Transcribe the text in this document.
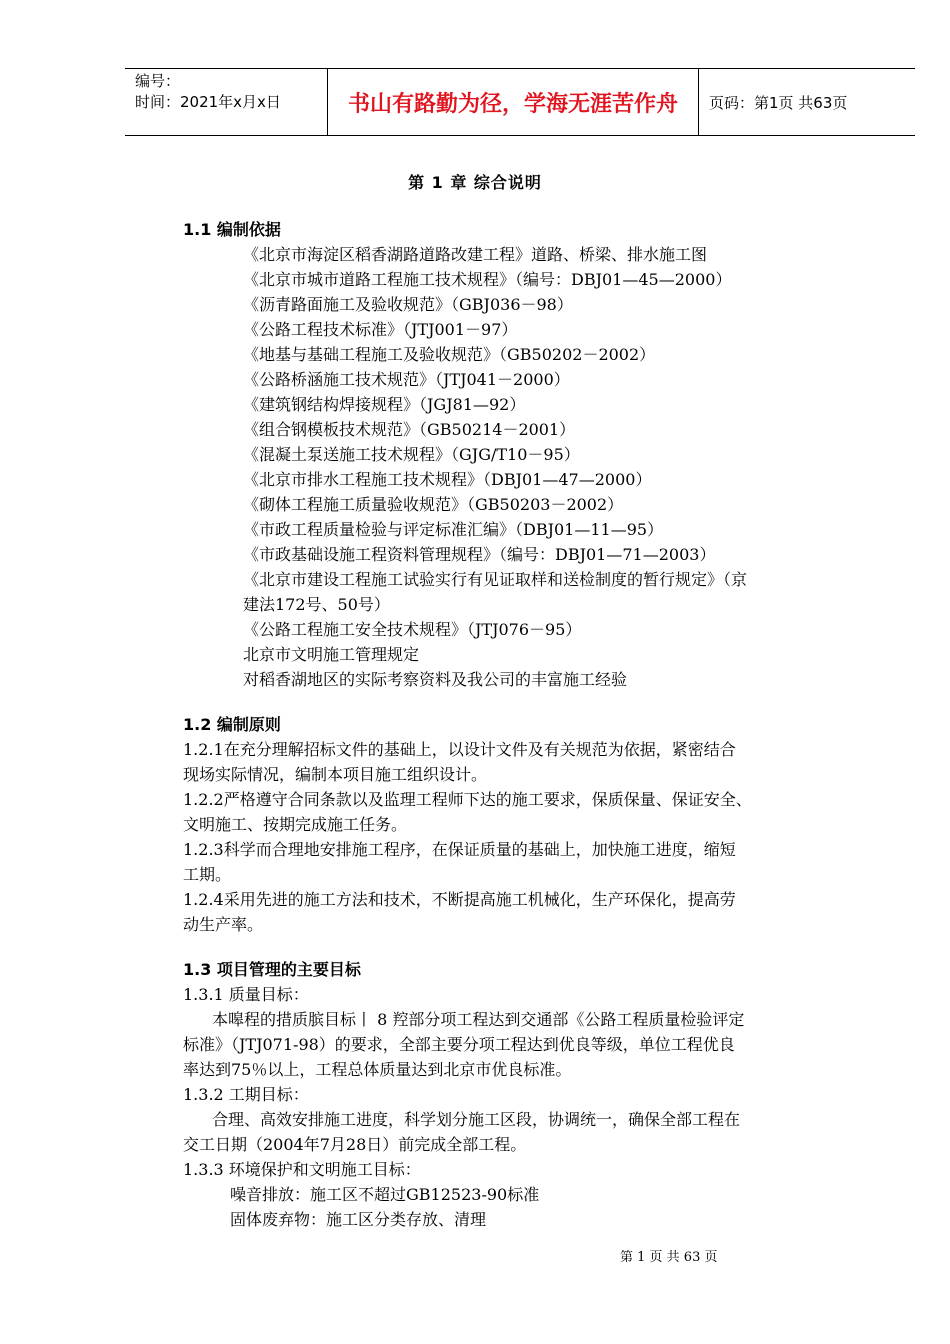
编号：
时间：2021年x月x日	书山有路勤为径，学海无涯苦作舟	页码：第1页 共63页
第 1 章 综合说明
1.1 编制依据
《北京市海淀区稻香湖路道路改建工程》道路、桥梁、排水施工图
《北京市城市道路工程施工技术规程》（编号：DBJ01—45—2000）
《沥青路面施工及验收规范》（GBJ036－98）
《公路工程技术标准》（JTJ001－97）
《地基与基础工程施工及验收规范》（GB50202－2002）
《公路桥涵施工技术规范》（JTJ041－2000）
《建筑钢结构焊接规程》（JGJ81—92）
《组合钢模板技术规范》（GB50214－2001）
《混凝土泵送施工技术规程》（GJG/T10－95）
《北京市排水工程施工技术规程》（DBJ01—47—2000）
《砌体工程施工质量验收规范》（GB50203－2002）
《市政工程质量检验与评定标准汇编》（DBJ01—11—95）
《市政基础设施工程资料管理规程》（编号：DBJ01—71—2003）
《北京市建设工程施工试验实行有见证取样和送检制度的暂行规定》（京
建法172号、50号）
《公路工程施工安全技术规程》（JTJ076－95）
北京市文明施工管理规定
对稻香湖地区的实际考察资料及我公司的丰富施工经验
1.2 编制原则
1.2.1在充分理解招标文件的基础上，以设计文件及有关规范为依据，紧密结合
现场实际情况，编制本项目施工组织设计。
1.2.2严格遵守合同条款以及监理工程师下达的施工要求，保质保量、保证安全、
文明施工、按期完成施工任务。
1.2.3科学而合理地安排施工程序，在保证质量的基础上，加快施工进度，缩短
工期。
1.2.4采用先进的施工方法和技术，不断提高施工机械化，生产环保化，提高劳
动生产率。
1.3 项目管理的主要目标
1.3.1 质量目标：
本嗥程的措质膑目标丨 8 羫部分项工程达到交通部《公路工程质量检验评定
标准》（JTJ071-98）的要求，全部主要分项工程达到优良等级，单位工程优良
率达到75％以上，工程总体质量达到北京市优良标准。
1.3.2 工期目标：
合理、高效安排施工进度，科学划分施工区段，协调统一，确保全部工程在
交工日期（2004年7月28日）前完成全部工程。
1.3.3 环境保护和文明施工目标：
噪音排放：施工区不超过GB12523-90标准
固体废弃物：施工区分类存放、清理
第 1 页 共 63 页
